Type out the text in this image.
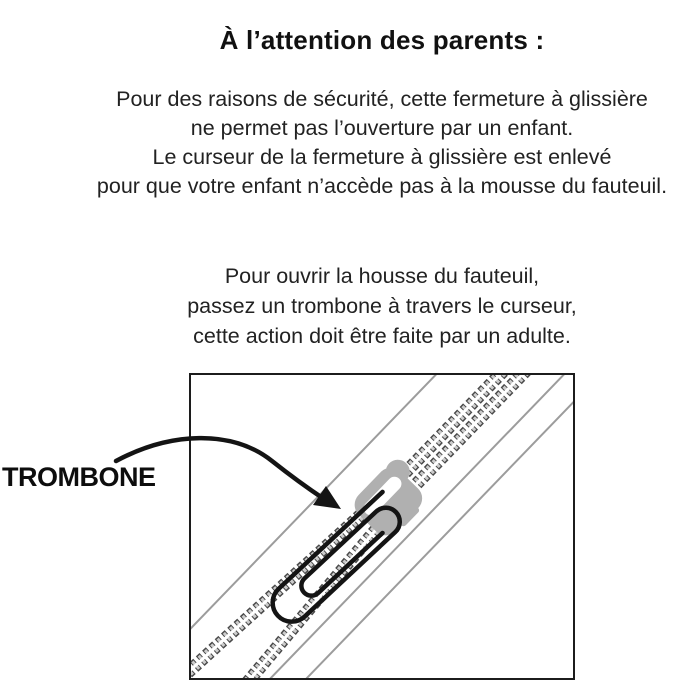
À l’attention des parents :

Pour des raisons de sécurité, cette fermeture à glissière
ne permet pas l’ouverture par un enfant.
Le curseur de la fermeture à glissière est enlevé
pour que votre enfant n’accède pas à la mousse du fauteuil.

Pour ouvrir la housse du fauteuil,
passez un trombone à travers le curseur,
cette action doit être faite par un adulte.

TROMBONE
